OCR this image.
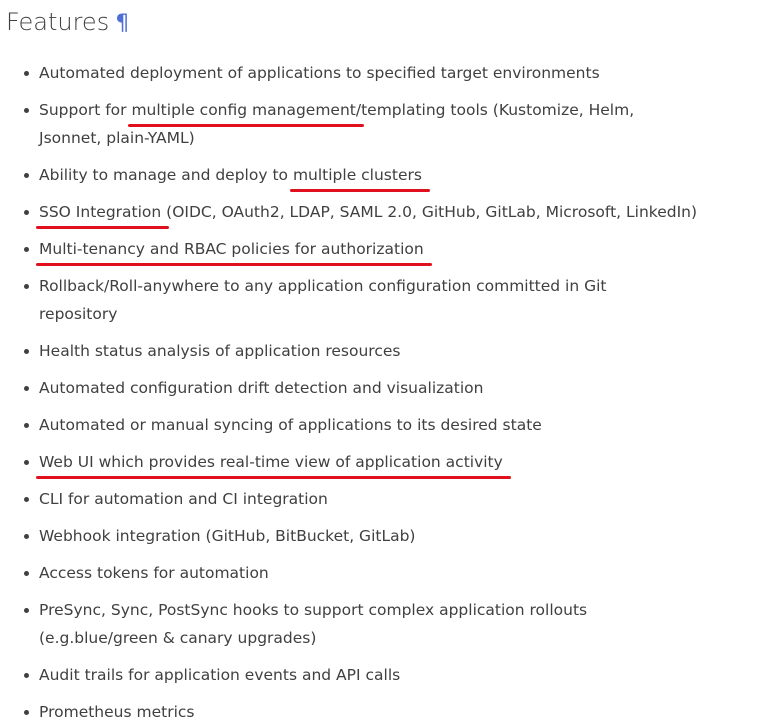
Features ¶
Automated deployment of applications to specified target environments
Support for multiple config management/templating tools (Kustomize, Helm,
Jsonnet, plain-YAML)
Ability to manage and deploy to multiple clusters
SSO Integration (OIDC, OAuth2, LDAP, SAML 2.0, GitHub, GitLab, Microsoft, LinkedIn)
Multi-tenancy and RBAC policies for authorization
Rollback/Roll-anywhere to any application configuration committed in Git
repository
Health status analysis of application resources
Automated configuration drift detection and visualization
Automated or manual syncing of applications to its desired state
Web UI which provides real-time view of application activity
CLI for automation and CI integration
Webhook integration (GitHub, BitBucket, GitLab)
Access tokens for automation
PreSync, Sync, PostSync hooks to support complex application rollouts
(e.g.blue/green & canary upgrades)
Audit trails for application events and API calls
Prometheus metrics
